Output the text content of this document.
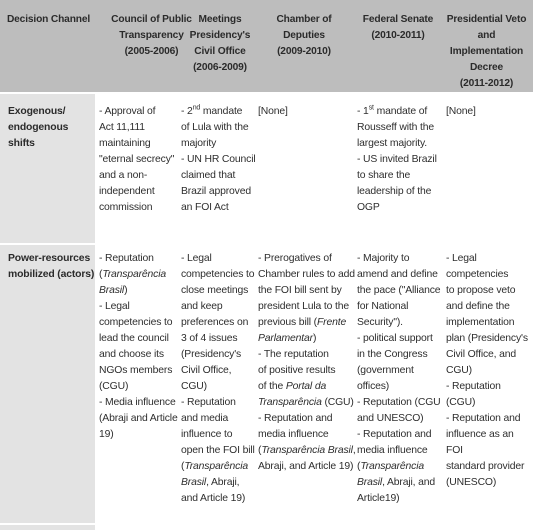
Decision Channel	Council of Public
Transparency
(2005-2006)
Meetings
Presidency's
Civil Office
(2006-2009)
Chamber of Deputies
(2009-2010)
Federal Senate
(2010-2011)
Presidential Veto
and Implementation
Decree
(2011-2012)
Exogenous/
endogenous shifts
- Approval of
Act 11,111
maintaining
"eternal secrecy"
and a non-
independent
commission
- 2nd mandate
of Lula with the
majority
- UN HR Council
claimed that
Brazil approved
an FOI Act
[None]	- 1st mandate of
Rousseff with the
largest majority.
- US invited Brazil
to share the
leadership of the
OGP
[None]
Power-resources
mobilized (actors)
- Reputation
(Transparência
Brasil)
- Legal
competencies to
lead the council
and choose its
NGOs members
(CGU)
- Media influence
(Abraji and Article
19)
- Legal
competencies to
close meetings
and keep
preferences on
3 of 4 issues
(Presidency's
Civil Office,
CGU)
- Reputation
and media
influence to
open the FOI bill
(Transparência
Brasil, Abraji,
and Article 19)
- Prerogatives of
Chamber rules to add
the FOI bill sent by
president Lula to the
previous bill (Frente
Parlamentar)
- The reputation
of positive results
of the Portal da
Transparência (CGU)
- Reputation and
media influence
(Transparência Brasil,
Abraji, and Article 19)
- Majority to
amend and define
the pace ("Alliance
for National
Security").
- political support
in the Congress
(government
offices)
- Reputation (CGU
and UNESCO)
- Reputation and
media influence
(Transparência
Brasil, Abraji, and
Article19)
- Legal
competencies
to propose veto
and define the
implementation
plan (Presidency's
Civil Office, and
CGU)
- Reputation (CGU)
- Reputation and
influence as an FOI
standard provider
(UNESCO)
